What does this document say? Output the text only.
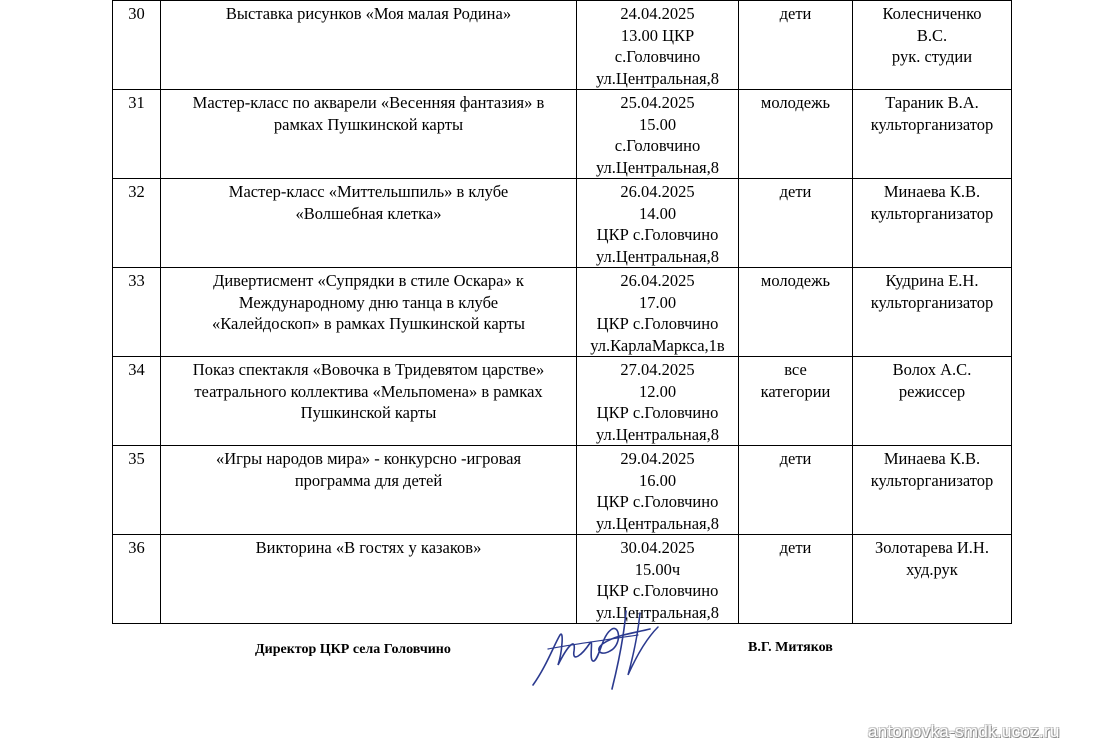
30	Выставка рисунков «Моя малая Родина»	24.04.2025
13.00 ЦКР
с.Головчино
ул.Центральная,8	дети	Колесниченко
В.С.
рук. студии

31	Мастер-класс по акварели «Весенняя фантазия» в
рамках Пушкинской карты	25.04.2025
15.00
с.Головчино
ул.Центральная,8	молодежь	Тараник В.А.
культорганизатор

32	Мастер-класс «Миттельшпиль» в клубе
«Волшебная клетка»	26.04.2025
14.00
ЦКР с.Головчино
ул.Центральная,8	дети	Минаева К.В.
культорганизатор

33	Дивертисмент «Супрядки в стиле Оскара» к
Международному дню танца в клубе
«Калейдоскоп» в рамках Пушкинской карты	26.04.2025
17.00
ЦКР с.Головчино
ул.КарлаМаркса,1в	молодежь	Кудрина Е.Н.
культорганизатор

34	Показ спектакля «Вовочка в Тридевятом царстве»
театрального коллектива «Мельпомена» в рамках
Пушкинской карты	27.04.2025
12.00
ЦКР с.Головчино
ул.Центральная,8	все
категории	Волох А.С.
режиссер

35	«Игры народов мира» - конкурсно -игровая
программа для детей	29.04.2025
16.00
ЦКР с.Головчино
ул.Центральная,8	дети	Минаева К.В.
культорганизатор

36	Викторина «В гостях у казаков»	30.04.2025
15.00ч
ЦКР с.Головчино
ул.Центральная,8	дети	Золотарева И.Н.
худ.рук
Директор ЦКР села Головчино	В.Г. Митяков
antonovka-smdk.ucoz.ru
